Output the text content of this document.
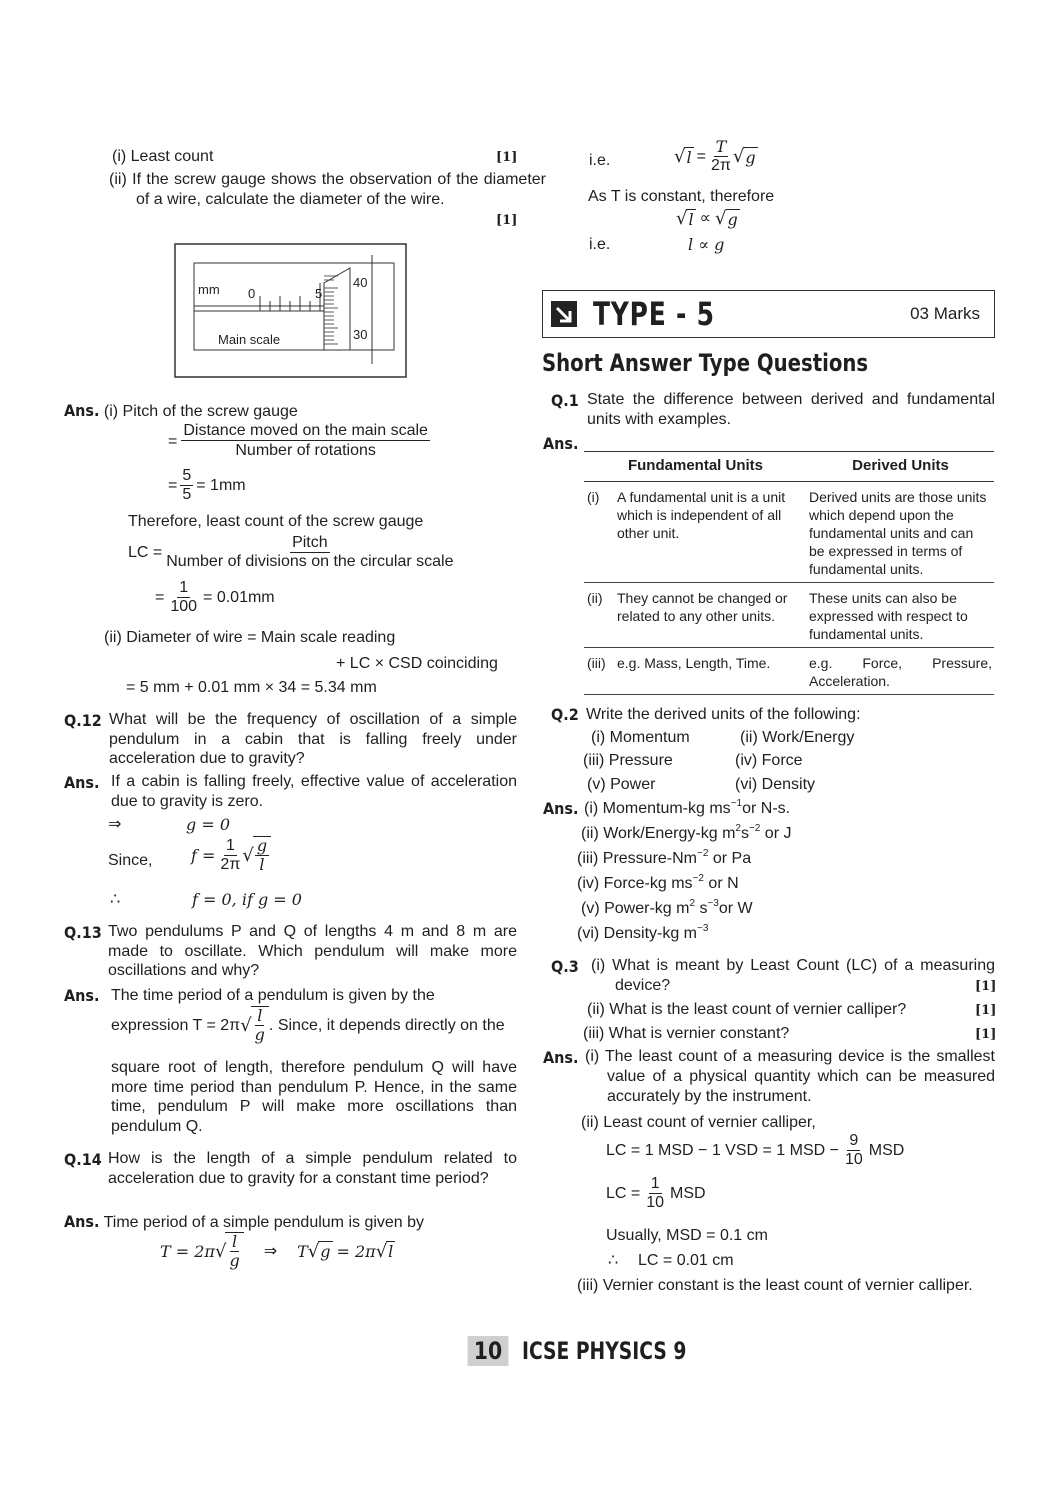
(i) Least count	[1]
(ii) If the screw gauge shows the observation of the diameter of a wire, calculate the diameter of the wire.
[1]
mm 0	5
Main scale
40
30
Ans. (i) Pitch of the screw gauge
= $\frac{\text{Distance moved on the main scale}}{\text{Number of rotations}}$
= $\frac{5}{5} = 1mm$
Therefore, least count of the screw gauge
LC = $\frac{\text{Pitch}}{\text{Number of divisions on the circular scale}}$
= $\frac{1}{100} = 0.01mm$
(ii) Diameter of wire = Main scale reading
+ LC × CSD coinciding
= 5 mm + 0.01 mm × 34 = 5.34 mm
Q.12 What will be the frequency of oscillation of a simple pendulum in a cabin that is falling freely under acceleration due to gravity?
Ans. If a cabin is falling freely, effective value of acceleration due to gravity is zero.
⇒	g = 0
Since, $f = \frac{1}{2\pi}$ √ $\frac{g}{l}$
∴	f = 0, if g = 0
Q.13 Two pendulums P and Q of lengths 4 m and 8 m are made to oscillate. Which pendulum will make more oscillations and why?
Ans. The time period of a pendulum is given by the
expression T = 2π √ $\frac{l}{g}$ . Since, it depends directly on the
square root of length, therefore pendulum Q will have more time period than pendulum P. Hence, in the same time, pendulum P will make more oscillations than pendulum Q.
Q.14 How is the length of a simple pendulum related to acceleration due to gravity for a constant time period?
Ans. Time period of a simple pendulum is given by
T = 2π √ $\frac{l}{g}$ ⇒ T √ g = 2π √ l
i.e.	√ $l = \frac{T}{2\pi}$ √ g
As T is constant, therefore
√ l ∝ √ g
i.e.	l ∝ g
TYPE - 5	03 Marks
Short Answer Type Questions
Q.1 State the difference between derived and fundamental units with examples.
Ans.
Fundamental Units		Derived Units
(i)	A fundamental unit is a unit which is independent of all other unit.	Derived units are those units which depend upon the fundamental units and can be expressed in terms of fundamental units.
(ii)	They cannot be changed or related to any other units.	These units can also be expressed with respect to fundamental units.
(iii)	e.g. Mass, Length, Time.	e.g. Force, Pressure, Acceleration.
Q.2 Write the derived units of the following:
(i) Momentum	(ii) Work/Energy
(iii) Pressure	(iv) Force
(v) Power	(vi) Density
Ans. (i) Momentum-kg $ms^{-1}or$ N-s.
(ii) Work/Energy-kg $m^2s^{-2}$ or J
(iii) Pressure-$Nm^{-2}$ or Pa
(iv) Force-kg $ms^{-2}$ or N
(v) Power-kg $m^2$ $s^{-3}or$ W
(vi) Density-kg $m^{-3}$
Q.3 (i) What is meant by Least Count (LC) of a measuring device?	[1]
(ii) What is the least count of vernier calliper?	[1]
(iii) What is vernier constant?	[1]
Ans. (i) The least count of a measuring device is the smallest value of a physical quantity which can be measured accurately by the instrument.
(ii) Least count of vernier calliper,
LC = 1 MSD − 1 VSD = 1 MSD − $\frac{9}{10}$ MSD
LC = $\frac{1}{10}$ MSD
Usually, MSD = 0.1 cm
∴ LC = 0.01 cm
(iii) Vernier constant is the least count of vernier calliper.
10 ICSE PHYSICS 9
